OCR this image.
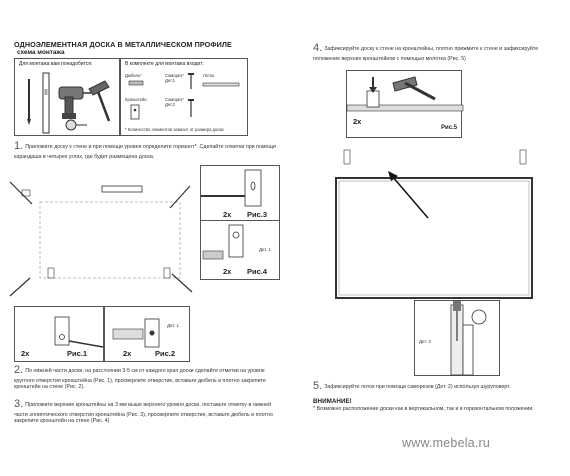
ОДНОЭЛЕМЕНТНАЯ ДОСКА В МЕТАЛЛИЧЕСКОМ ПРОФИЛЕ
схема монтажа
Для монтажа вам понадобится:	В комплекте для монтажа входит:
Дюбель*	Саморез* Дет.1
Лоток
Кронштейн	Саморез* Дет.2
* Количество элементов зависит от размера доски
1. Приложите доску к стене и при помощи уровня определите горизонт*. Сделайте отметки при помощи карандаша в четырех углах, где будет размещена доска.
2x Рис.3
Дет. 1
2x Рис.4
2x	Рис.1
Дет. 1
2x	Рис.2
2. По нижней части доски, на расстоянии 3-5 см от каждого края доски сделайте отметки на уровне круглого отверстия кронштейна (Рис. 1), просверлите отверстие, вставьте дюбель и плотно закрепите кронштейн на стене (Рис. 2).
3. Приложите верхние кронштейны на 3 мм выше верхнего уровня доски, поставьте отметку в нижней части эллиптического отверстия кронштейна (Рис. 3), просверлите отверстие, вставьте дюбель и плотно закрепите кронштейн на стене (Рис. 4)
4. Зафиксируйте доску к стене на кронштейны, плотно прижмите к стене и зафиксируйте положение верхних кронштейнов с помощью молотка (Рис. 5)
2x
Рис.5
Дет. 2
5. Зафиксируйте лоток при помощи саморезов (Дет. 2) используя шуруповерт.
ВНИМАНИЕ!
* Возможно расположение доски как в вертикальном, так и в горизонтальном положении.
www.mebela.ru
